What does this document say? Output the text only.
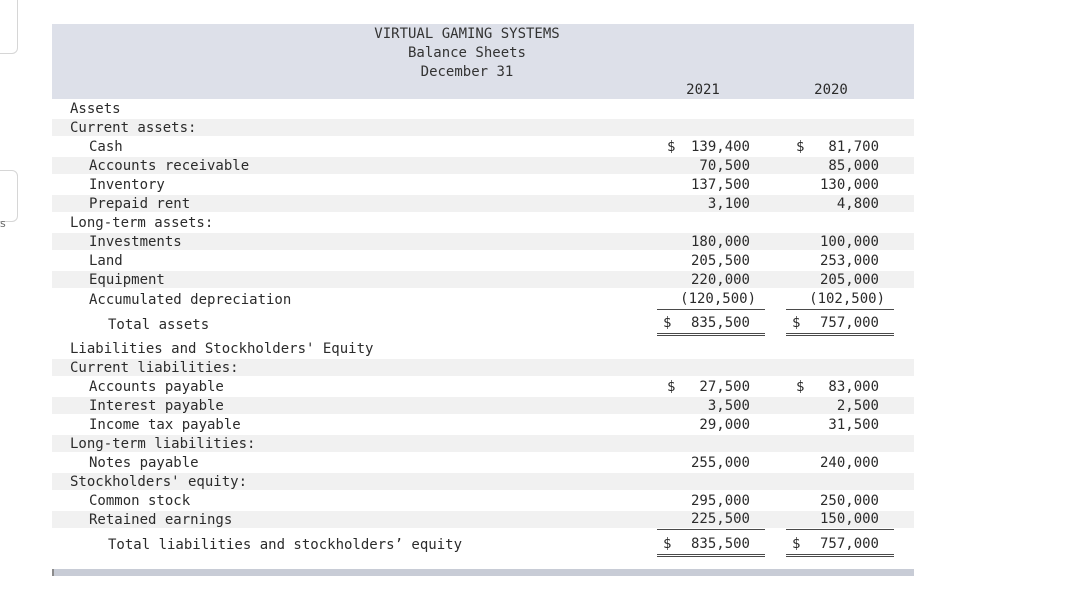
s
VIRTUAL GAMING SYSTEMS
Balance Sheets
December 31
2021	2020
Assets
Current assets:
Cash	$ 139,400	$ 81,700
Accounts receivable	70,500	85,000
Inventory	137,500	130,000
Prepaid rent	3,100	4,800
Long-term assets:
Investments	180,000	100,000
Land	205,500	253,000
Equipment	220,000	205,000
Accumulated depreciation	(120,500)	(102,500)
Total assets	$ 835,500	$ 757,000
Liabilities and Stockholders' Equity
Current liabilities:
Accounts payable	$ 27,500	$ 83,000
Interest payable	3,500	2,500
Income tax payable	29,000	31,500
Long-term liabilities:
Notes payable	255,000	240,000
Stockholders' equity:
Common stock	295,000	250,000
Retained earnings	225,500	150,000
Total liabilities and stockholders’ equity	$ 835,500	$ 757,000
